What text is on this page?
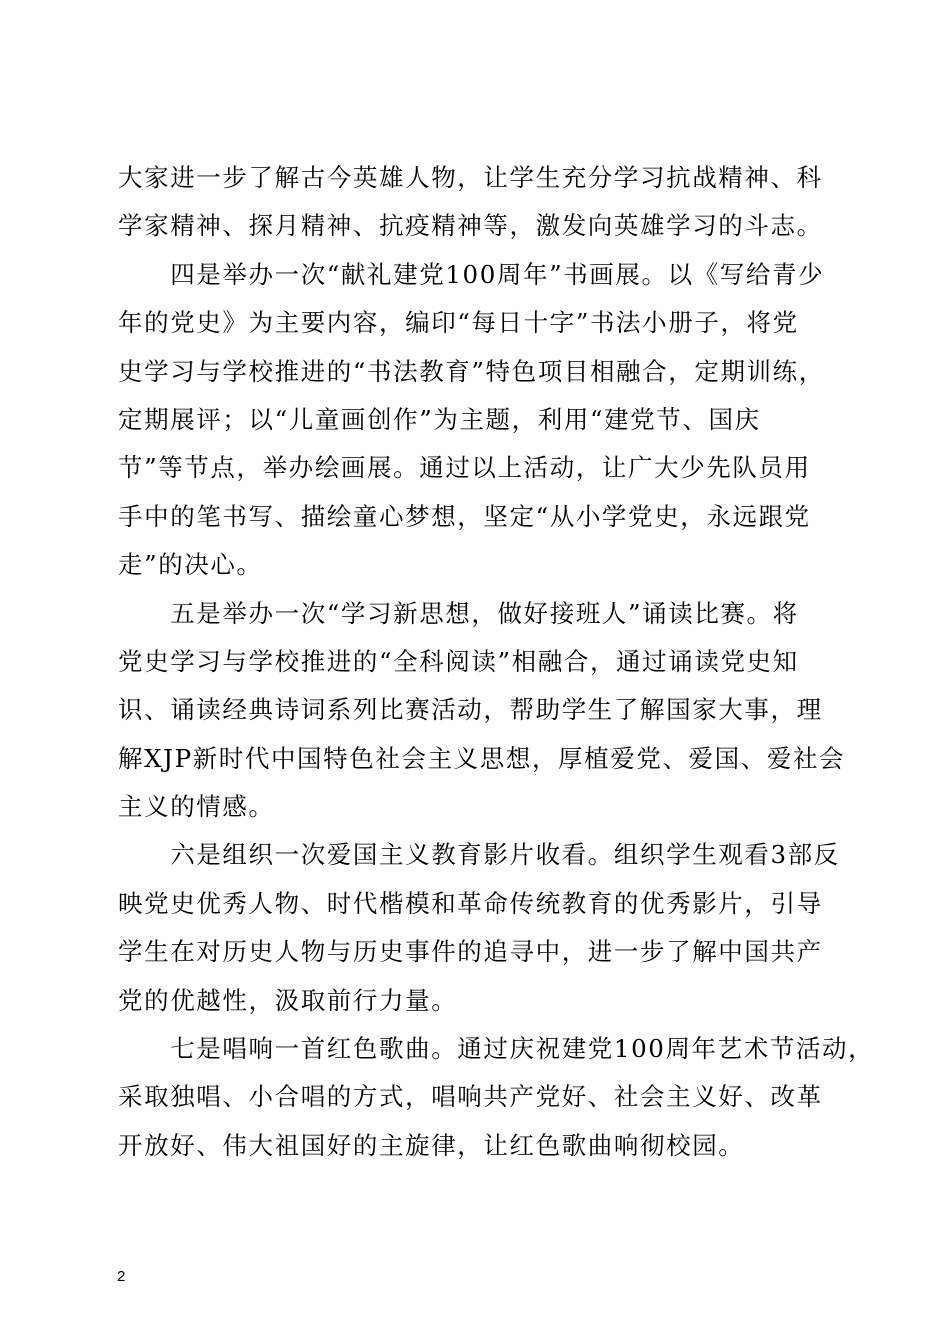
大家进一步了解古今英雄人物，让学生充分学习抗战精神、科
学家精神、探月精神、抗疫精神等，激发向英雄学习的斗志。
　　四是举办一次“献礼建党100周年”书画展。以《写给青少
年的党史》为主要内容，编印“每日十字”书法小册子，将党
史学习与学校推进的“书法教育”特色项目相融合，定期训练，
定期展评；以“儿童画创作”为主题，利用“建党节、国庆
节”等节点，举办绘画展。通过以上活动，让广大少先队员用
手中的笔书写、描绘童心梦想，坚定“从小学党史，永远跟党
走”的决心。
　　五是举办一次“学习新思想，做好接班人”诵读比赛。将
党史学习与学校推进的“全科阅读”相融合，通过诵读党史知
识、诵读经典诗词系列比赛活动，帮助学生了解国家大事，理
解XJP新时代中国特色社会主义思想，厚植爱党、爱国、爱社会
主义的情感。
　　六是组织一次爱国主义教育影片收看。组织学生观看3部反
映党史优秀人物、时代楷模和革命传统教育的优秀影片，引导
学生在对历史人物与历史事件的追寻中，进一步了解中国共产
党的优越性，汲取前行力量。
　　七是唱响一首红色歌曲。通过庆祝建党100周年艺术节活动，
采取独唱、小合唱的方式，唱响共产党好、社会主义好、改革
开放好、伟大祖国好的主旋律，让红色歌曲响彻校园。
2
